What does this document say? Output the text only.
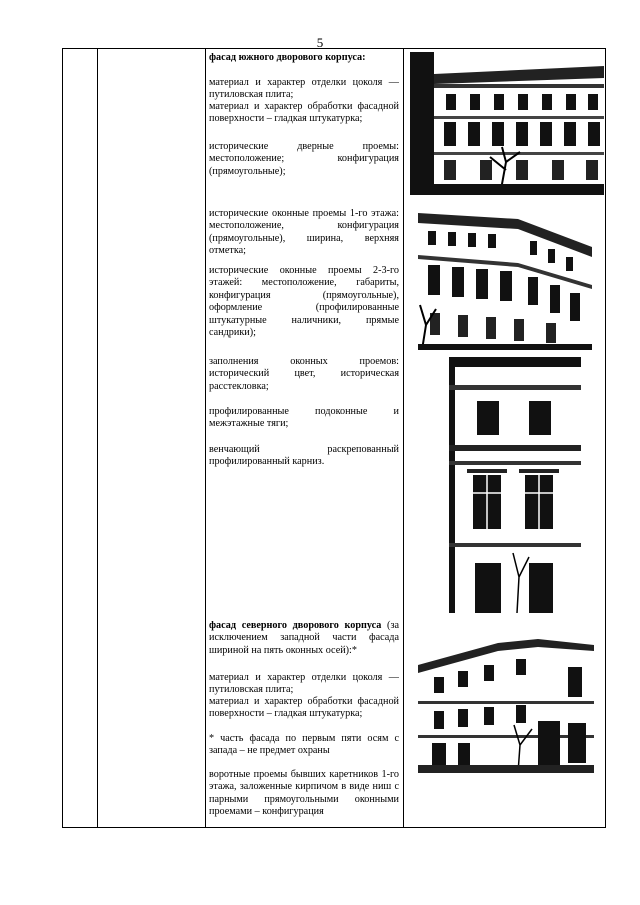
5

фасад южного дворового корпуса:

материал и характер отделки цоколя — путиловская плита;

материал и характер обработки фасадной поверхности – гладкая штукатурка;

исторические дверные проемы: местоположение; конфигурация (прямоугольные);

исторические оконные проемы 1-го этажа: местоположение, конфигурация (прямоугольные), ширина, верхняя отметка;

исторические оконные проемы 2-3-го этажей: местоположение, габариты, конфигурация (прямоугольные), оформление (профилированные штукатурные наличники, прямые сандрики);

заполнения оконных проемов: исторический цвет, историческая расстекловка;

профилированные подоконные и межэтажные тяги;

венчающий раскрепованный профилированный карниз.

фасад северного дворового корпуса (за исключением западной части фасада шириной на пять оконных осей):*

материал и характер отделки цоколя — путиловская плита;

материал и характер обработки фасадной поверхности – гладкая штукатурка;

* часть фасада по первым пяти осям с запада – не предмет охраны

воротные проемы бывших каретников 1-го этажа, заложенные кирпичом в виде ниш с парными прямоугольными оконными проемами – конфигурация
